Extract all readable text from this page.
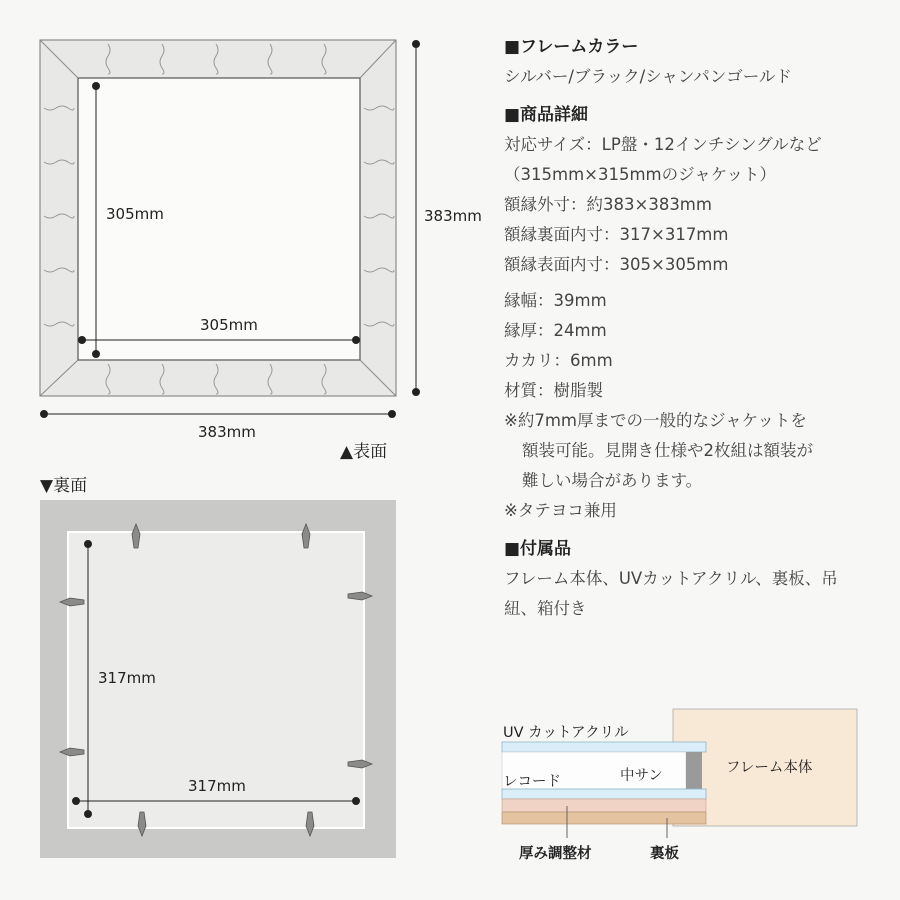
305mm
305mm
383mm
383mm
▲表面
▼裏面
317mm
317mm
■フレームカラー
シルバー/ブラック/シャンパンゴールド
■商品詳細
対応サイズ：LP盤・12インチシングルなど
（315mm×315mmのジャケット）
額縁外寸：約383×383mm
額縁裏面内寸：317×317mm
額縁表面内寸：305×305mm
縁幅：39mm
縁厚：24mm
カカリ：6mm
材質：樹脂製
※約7mm厚までの一般的なジャケットを
額装可能。見開き仕様や2枚組は額装が
難しい場合があります。
※タテヨコ兼用
■付属品
フレーム本体、UVカットアクリル、裏板、吊
紐、箱付き
UV カットアクリル
レコード	中サン	フレーム本体
厚み調整材	裏板
